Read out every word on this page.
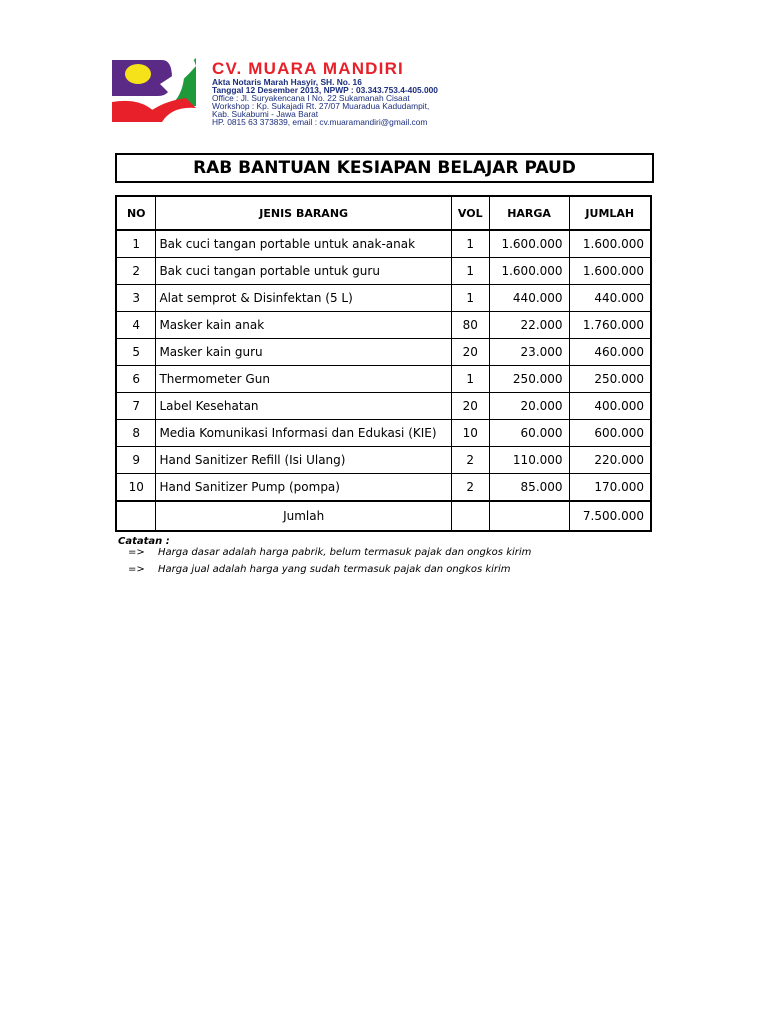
CV. MUARA MANDIRI
Akta Notaris Marah Hasyir, SH. No. 16
Tanggal 12 Desember 2013, NPWP : 03.343.753.4-405.000
Office : Jl. Suryakencana I No. 22 Sukamanah Cisaat
Workshop : Kp. Sukajadi Rt. 27/07 Muaradua Kadudampit,
Kab. Sukabumi - Jawa Barat
HP. 0815 63 373839, email : cv.muaramandiri@gmail.com
RAB BANTUAN KESIAPAN BELAJAR PAUD
NO	JENIS BARANG	VOL	HARGA	JUMLAH
1	Bak cuci tangan portable untuk anak-anak	1	1.600.000	1.600.000
2	Bak cuci tangan portable untuk guru	1	1.600.000	1.600.000
3	Alat semprot & Disinfektan (5 L)	1	440.000	440.000
4	Masker kain anak	80	22.000	1.760.000
5	Masker kain guru	20	23.000	460.000
6	Thermometer Gun	1	250.000	250.000
7	Label Kesehatan	20	20.000	400.000
8	Media Komunikasi Informasi dan Edukasi (KIE)	10	60.000	600.000
9	Hand Sanitizer Refill (Isi Ulang)	2	110.000	220.000
10	Hand Sanitizer Pump (pompa)	2	85.000	170.000
	Jumlah			7.500.000
Catatan :
=> Harga dasar adalah harga pabrik, belum termasuk pajak dan ongkos kirim
=> Harga jual adalah harga yang sudah termasuk pajak dan ongkos kirim
